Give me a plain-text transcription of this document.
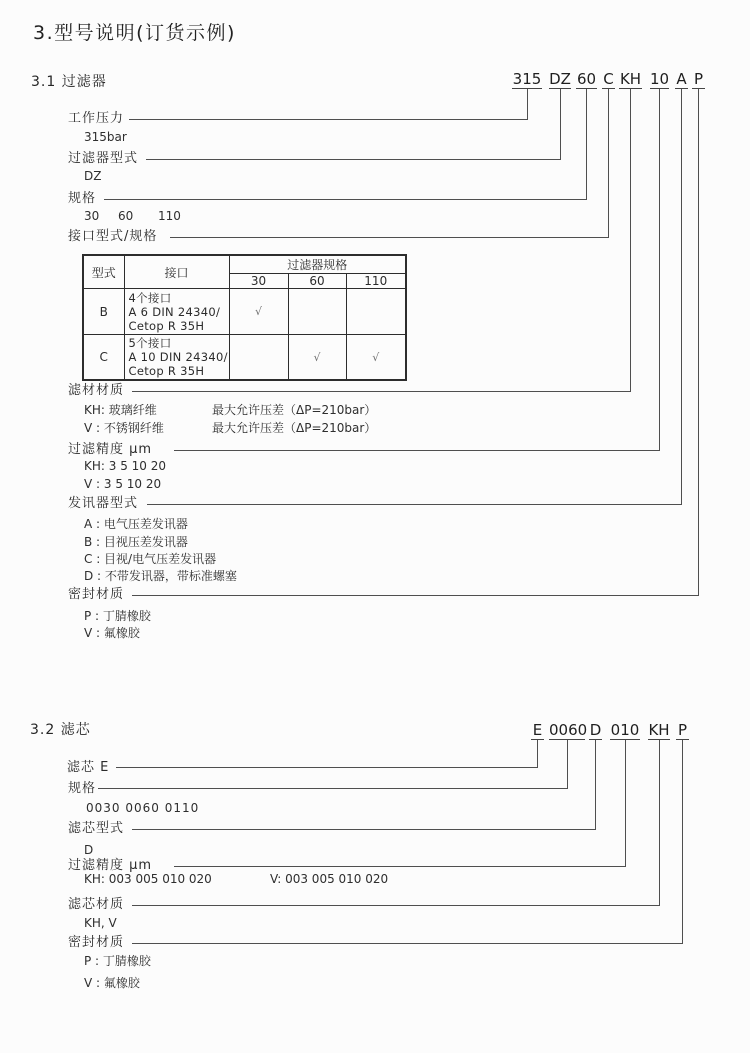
3.型号说明(订货示例)
3.1 过滤器	315 DZ 60 C KH 10 A P
工作压力
315bar
过滤器型式
DZ
规格
30 60 110
接口型式/规格
型式	接口	过滤器规格		
		30	60	110
B	4个接口
A 6 DIN 24340/
Cetop R 35H	√		
C	5个接口
A 10 DIN 24340/
Cetop R 35H		√	√
滤材材质
KH: 玻璃纤维	最大允许压差（ΔP=210bar）
V : 不锈钢纤维	最大允许压差（ΔP=210bar）
过滤精度 μm
KH: 3 5 10 20
V : 3 5 10 20
发讯器型式
A : 电气压差发讯器
B : 目视压差发讯器
C : 目视/电气压差发讯器
D : 不带发讯器，带标准螺塞
密封材质
P : 丁腈橡胶
V : 氟橡胶
3.2 滤芯	E 0060 D 010 KH P
滤芯 E
规格
0030 0060 0110
滤芯型式
D
过滤精度 μm
KH: 003 005 010 020	V: 003 005 010 020
滤芯材质
KH, V
密封材质
P : 丁腈橡胶
V : 氟橡胶
